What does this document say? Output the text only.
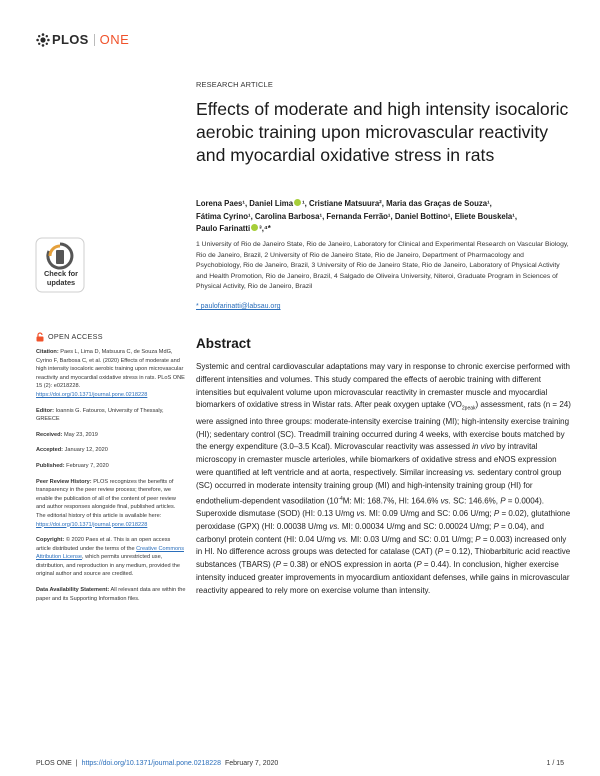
PLOS ONE
RESEARCH ARTICLE
Effects of moderate and high intensity isocaloric aerobic training upon microvascular reactivity and myocardial oxidative stress in rats
Lorena Paes¹, Daniel Lima ¹, Cristiane Matsuura², Maria das Graças de Souza¹,
Fátima Cyrino¹, Carolina Barbosa¹, Fernanda Ferrão¹, Daniel Bottino¹, Eliete Bouskela¹,
Paulo Farinatti ³,⁴*
1 University of Rio de Janeiro State, Rio de Janeiro, Laboratory for Clinical and Experimental Research on Vascular Biology, Rio de Janeiro, Brazil, 2 University of Rio de Janeiro State, Rio de Janeiro, Department of Pharmacology and Psychobiology, Rio de Janeiro, Brazil, 3 University of Rio de Janeiro State, Rio de Janeiro, Laboratory of Physical Activity and Health Promotion, Rio de Janeiro, Brazil, 4 Salgado de Oliveira University, Niteroi, Graduate Program in Sciences of Physical Activity, Rio de Janeiro, Brazil
* paulofarinatti@labsau.org
Check for
updates
OPEN ACCESS
Citation: Paes L, Lima D, Matsuura C, de Souza MdG, Cyrino F, Barbosa C, et al. (2020) Effects of moderate and high intensity isocaloric aerobic training upon microvascular reactivity and myocardial oxidative stress in rats. PLoS ONE 15 (2): e0218228. https://doi.org/10.1371/journal.pone.0218228
Editor: Ioannis G. Fatouros, University of Thessaly, GREECE
Received: May 23, 2019
Accepted: January 12, 2020
Published: February 7, 2020
Peer Review History: PLOS recognizes the benefits of transparency in the peer review process; therefore, we enable the publication of all of the content of peer review and author responses alongside final, published articles. The editorial history of this article is available here: https://doi.org/10.1371/journal.pone.0218228
Copyright: © 2020 Paes et al. This is an open access article distributed under the terms of the Creative Commons Attribution License, which permits unrestricted use, distribution, and reproduction in any medium, provided the original author and source are credited.
Data Availability Statement: All relevant data are within the paper and its Supporting Information files.
Abstract

Systemic and central cardiovascular adaptations may vary in response to chronic exercise performed with different intensities and volumes. This study compared the effects of aerobic training with different intensities but equivalent volume upon microvascular reactivity in cremaster muscle and myocardial biomarkers of oxidative stress in Wistar rats. After peak oxygen uptake $(VO_{2peak})$ assessment, rats (n = 24) were assigned into three groups: moderate-intensity exercise training (MI); high-intensity exercise training (HI); sedentary control (SC). Treadmill training occurred during 4 weeks, with exercise bouts matched by the energy expenditure (3.0–3.5 Kcal). Microvascular reactivity was assessed in vivo by intravital microscopy in cremaster muscle arterioles, while biomarkers of oxidative stress and eNOS expression were quantified at left ventricle and at aorta, respectively. Similar increasing vs. sedentary control group (SC) occurred in moderate intensity training group (MI) and high-intensity training group (HI) for endothelium-dependent vasodilation ($10^{-4}M$: MI: 168.7%, HI: 164.6% vs. SC: 146.6%, P = 0.0004). Superoxide dismutase (SOD) (HI: 0.13 U/mg vs. MI: 0.09 U/mg and SC: 0.06 U/mg; P = 0.02), glutathione peroxidase (GPX) (HI: 0.00038 U/mg vs. MI: 0.00034 U/mg and SC: 0.00024 U/mg; P = 0.04), and carbonyl protein content (HI: 0.04 U/mg vs. MI: 0.03 U/mg and SC: 0.01 U/mg; P = 0.003) increased only in HI. No difference across groups was detected for catalase (CAT) (P = 0.12), Thiobarbituric acid reactive substances (TBARS) (P = 0.38) or eNOS expression in aorta (P = 0.44). In conclusion, higher exercise intensity induced greater improvements in myocardium antioxidant defenses, while gains in microvascular reactivity appeared to rely more on exercise volume than intensity.

PLOS ONE | https://doi.org/10.1371/journal.pone.0218228 February 7, 2020	1 / 15
